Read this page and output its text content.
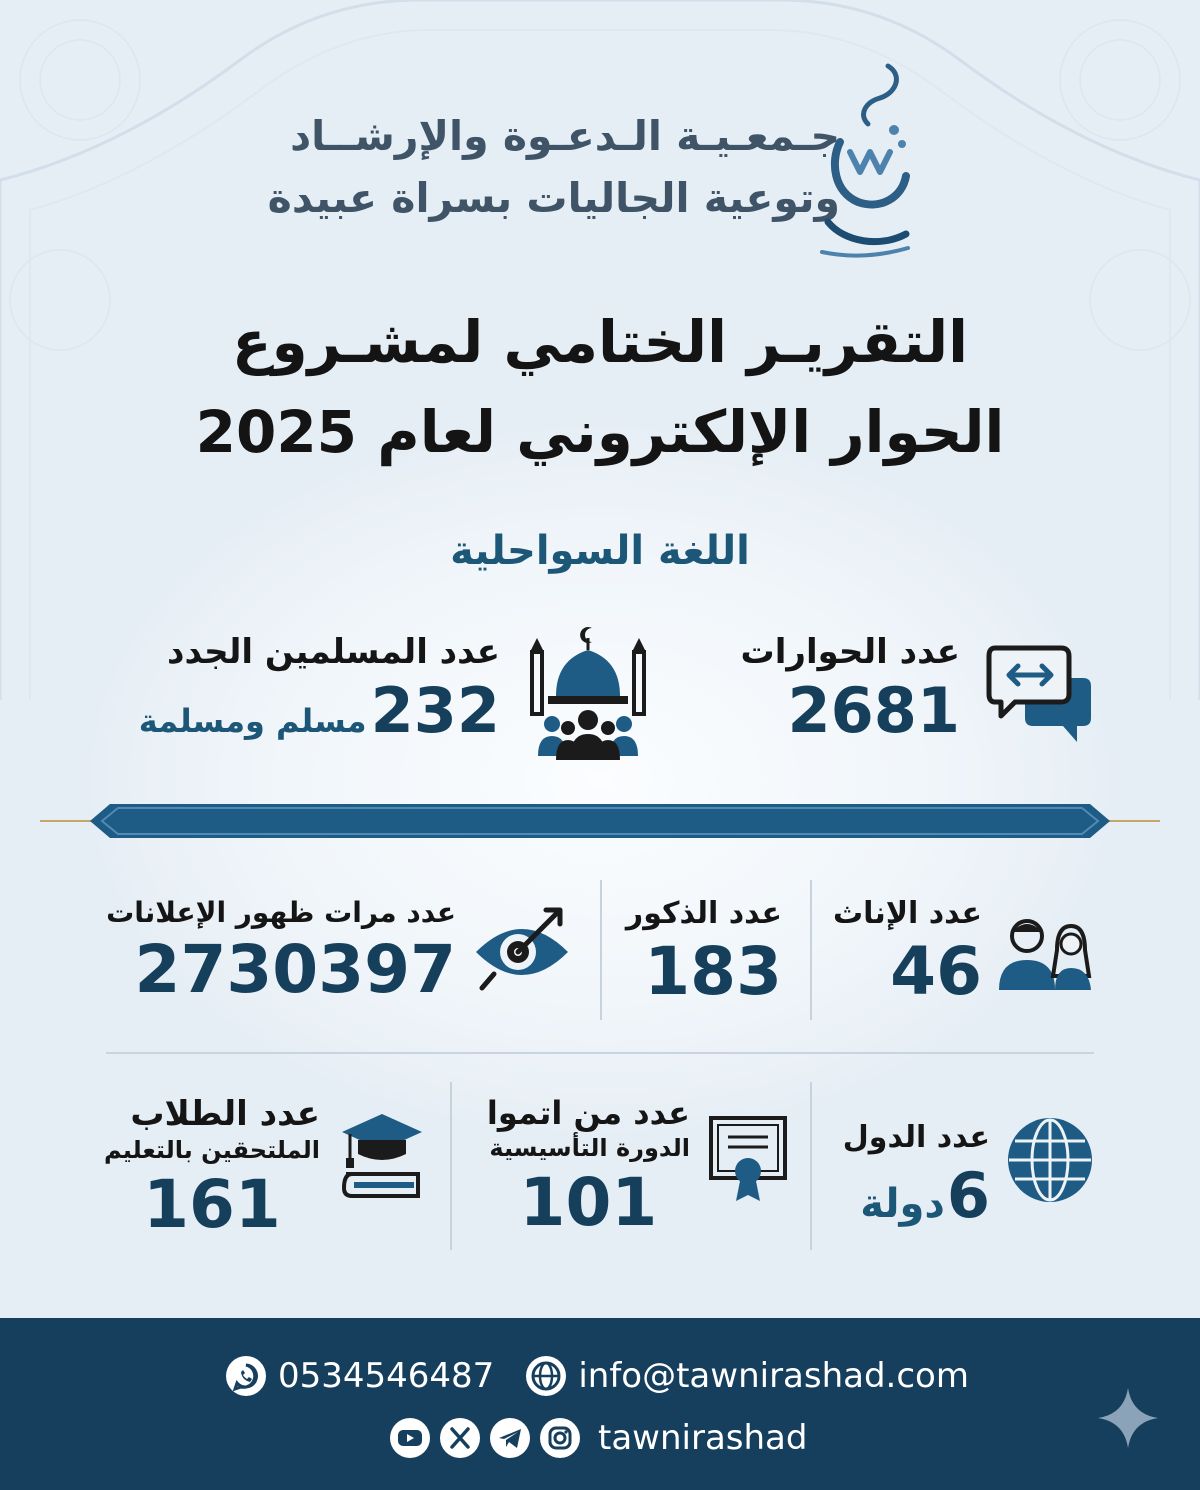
جـمعـيـة الـدعـوة والإرشــاد
وتوعية الجاليات بسراة عبيدة
التقريـر الختامي لمشـروع
الحوار الإلكتروني لعام 2025
اللغة السواحلية
عدد الحوارات
2681
عدد المسلمين الجدد
232
مسلم ومسلمة
عدد الإناث
46
عدد الذكور
183
عدد مرات ظهور الإعلانات
2730397
عدد الدول
6
دولة
عدد من اتموا
الدورة التأسيسية
101
عدد الطلاب
الملتحقين بالتعليم
161
0534546487 info@tawnirashad.com
tawnirashad
